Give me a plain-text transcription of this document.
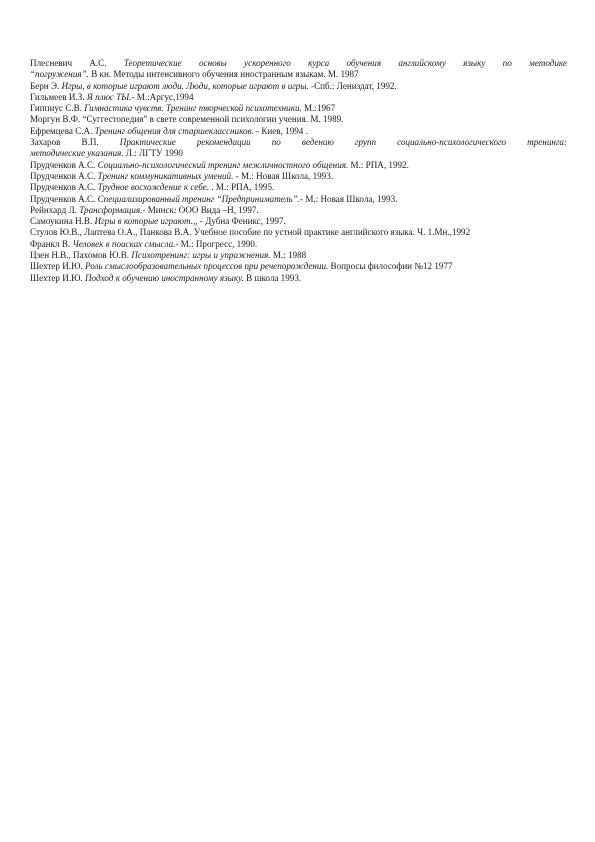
Плесневич А.С. Теоретические основы ускоренного курса обучения английскому языку по методике
“погружения”. В кн. Методы интенсивного обучения иностранным языкам. М. 1987

Берн Э. Игры, в которые играют люди. Люди, которые играют в игры. -Спб.: Лениздат, 1992.

Гильмеев И.З. Я плюс ТЫ.- М.:Аргус,1994

Гиппиус С.В. Гимнастика чувств. Тренинг творческой психотехники. М.:1967

Моргун В.Ф. “Суггестопедия” в свете современной психологии учения. М. 1989.

Ефремцева С.А. Тренинг общения для старшеклассников. - Киев, 1994 .

Захаров В.П. Практические рекомендации по ведению групп социально-психологического тренинга:
методические указания. Л.: ЛГТУ 1990

Прудченков А.С. Социально-психологический тренинг межличностного общения. М.: РПА, 1992.

Прудченков А.С. Тренинг коммуникативных умений. - М.: Новая Школа, 1993.

Прудченков А.С. Трудное восхождение к себе. . М.: РПА, 1995.

Прудченков А.С. Специализированный тренинг “Предприниматель”.- М.: Новая Школа, 1993.

Рейнхард Л. Трансформация.- Минск: ООО Вида –Н, 1997.

Самоукина Н.В. Игры в которые играют.,, - Дубна Феникс, 1997.

Стулов Ю.В., Лаптева О.А., Панкова В.А. Учебное пособие по устной практике английского языка. Ч. 1.Мн.,1992

Франкл В. Человек в поисках смысла.- М.: Прогресс, 1990.

Цзен Н.В., Пахомов Ю.В. Психотренинг: игры и упражнения. М.: 1988

Шехтер И.Ю. Роль смыслообразовательных процессов при речепорождении. Вопросы философии №12 1977

Шехтер И.Ю. Подход к обучению иностранному языку. В школа 1993.
